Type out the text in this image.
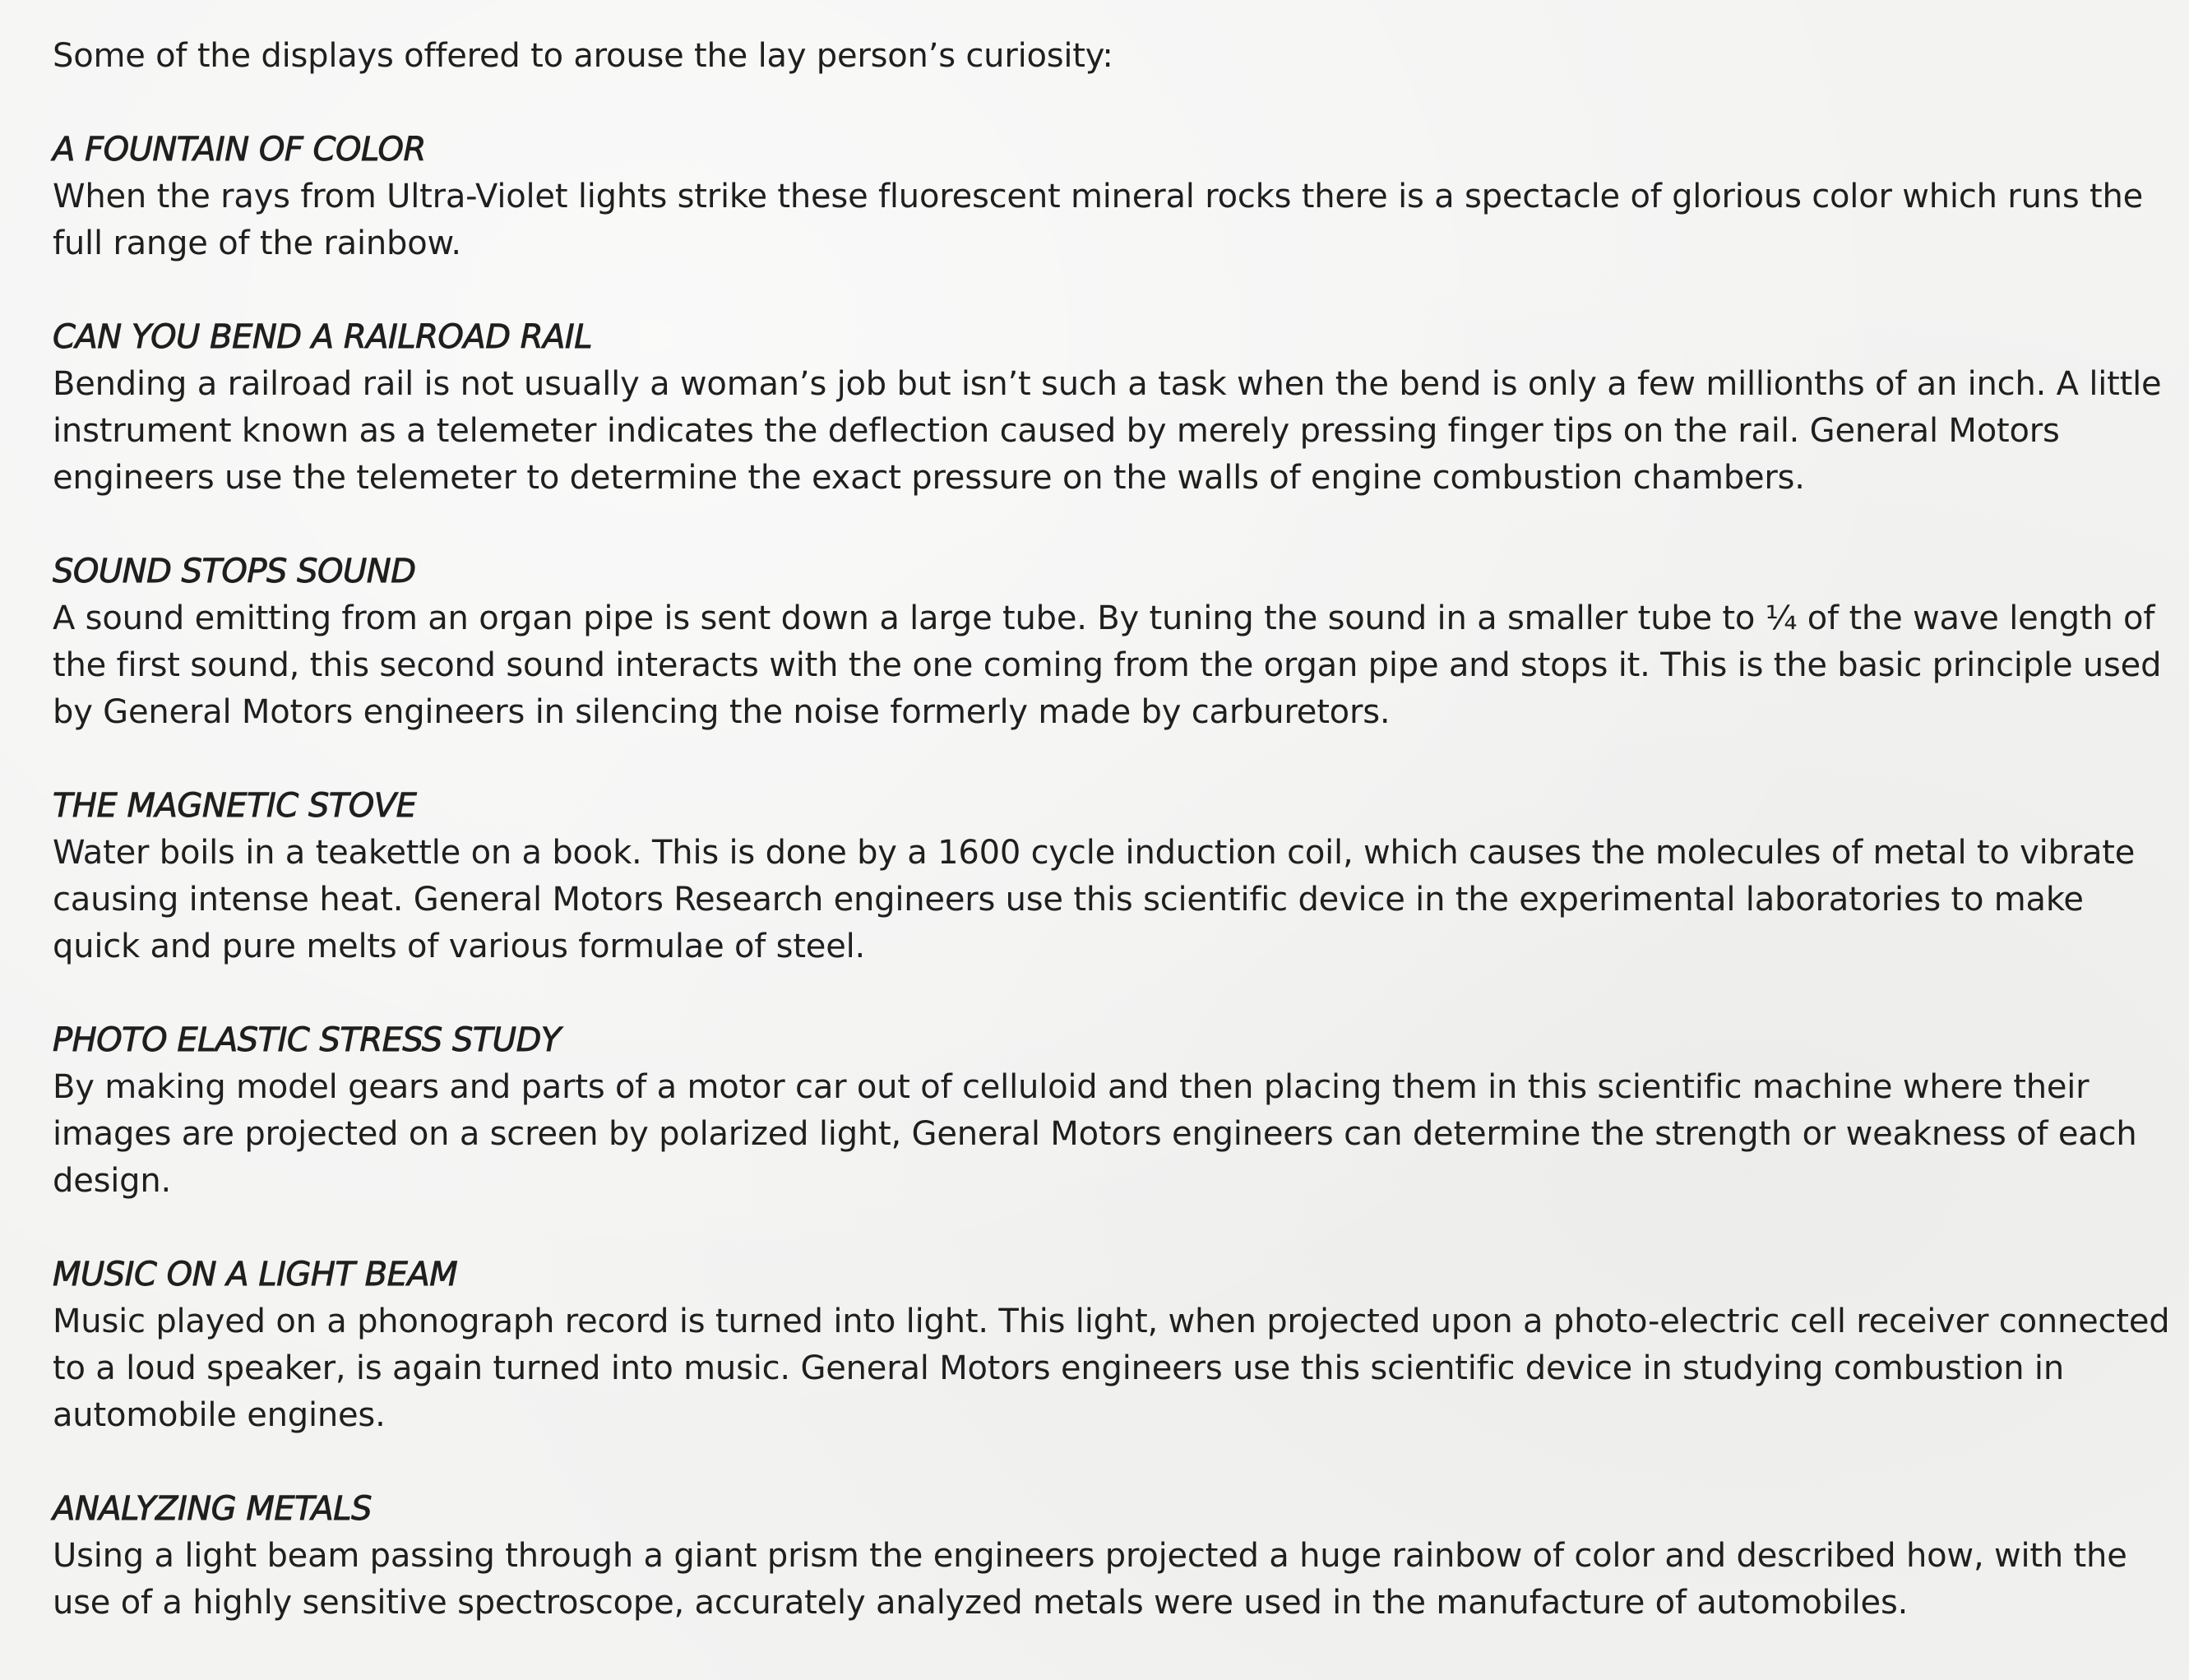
Some of the displays offered to arouse the lay person’s curiosity:

A FOUNTAIN OF COLOR

When the rays from Ultra-Violet lights strike these fluorescent mineral rocks there is a spectacle of glorious color which runs the full range of the rainbow.

CAN YOU BEND A RAILROAD RAIL

Bending a railroad rail is not usually a woman’s job but isn’t such a task when the bend is only a few millionths of an inch. A little instrument known as a telemeter indicates the deflection caused by merely pressing finger tips on the rail. General Motors engineers use the telemeter to determine the exact pressure on the walls of engine combustion chambers.

SOUND STOPS SOUND

A sound emitting from an organ pipe is sent down a large tube. By tuning the sound in a smaller tube to ¼ of the wave length of the first sound, this second sound interacts with the one coming from the organ pipe and stops it. This is the basic principle used by General Motors engineers in silencing the noise formerly made by carburetors.

THE MAGNETIC STOVE

Water boils in a teakettle on a book. This is done by a 1600 cycle induction coil, which causes the molecules of metal to vibrate causing intense heat. General Motors Research engineers use this scientific device in the experimental laboratories to make quick and pure melts of various formulae of steel.

PHOTO ELASTIC STRESS STUDY

By making model gears and parts of a motor car out of celluloid and then placing them in this scientific machine where their images are projected on a screen by polarized light, General Motors engineers can determine the strength or weakness of each design.

MUSIC ON A LIGHT BEAM

Music played on a phonograph record is turned into light. This light, when projected upon a photo-electric cell receiver connected to a loud speaker, is again turned into music. General Motors engineers use this scientific device in studying combustion in automobile engines.

ANALYZING METALS

Using a light beam passing through a giant prism the engineers projected a huge rainbow of color and described how, with the use of a highly sensitive spectroscope, accurately analyzed metals were used in the manufacture of automobiles.
